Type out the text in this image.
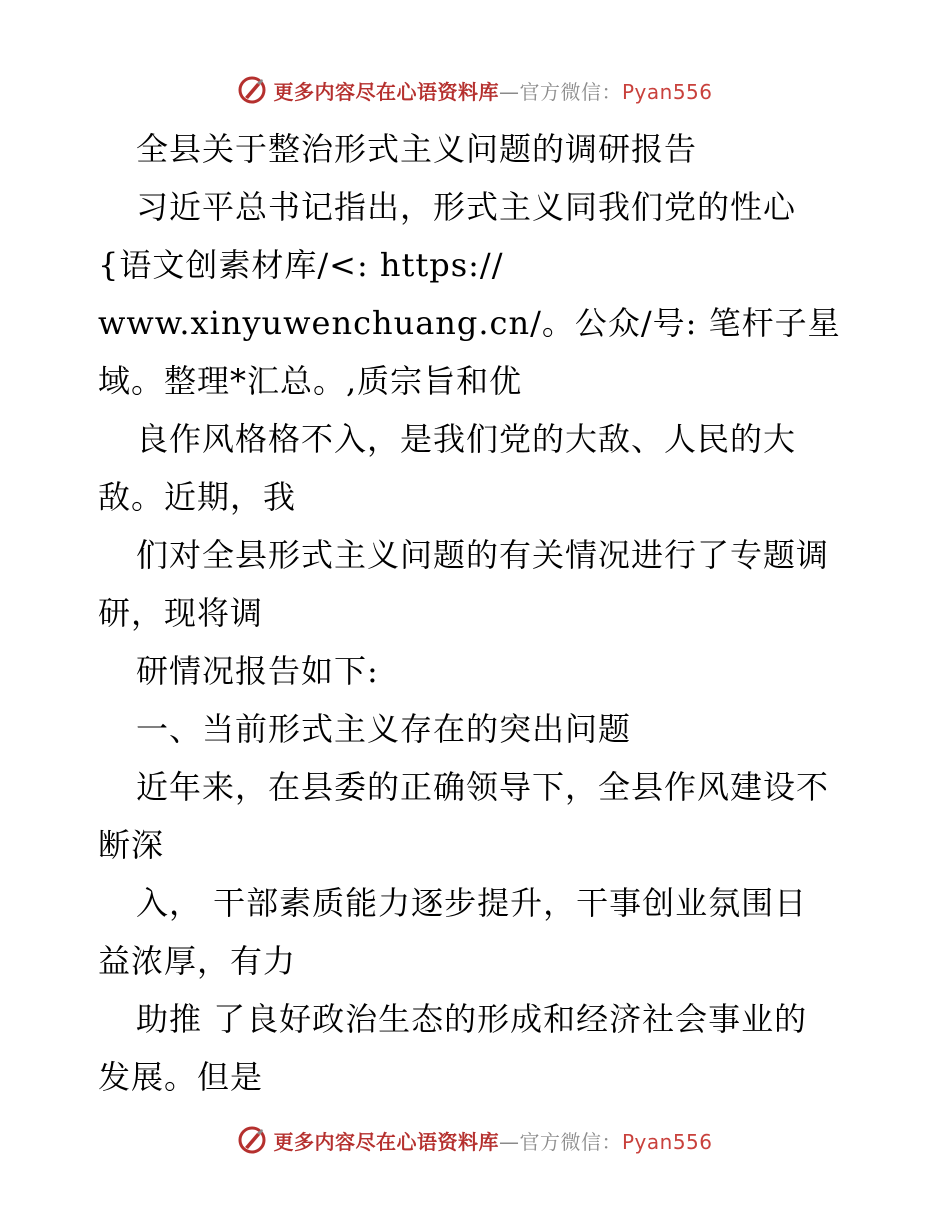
更多内容尽在心语资料库—官方微信：Pyan556
全县关于整治形式主义问题的调研报告
习近平总书记指出，形式主义同我们党的性心
{语文创素材库/<: https://
www.xinyuwenchuang.cn/。公众/号: 笔杆子星
域。整理*汇总。,质宗旨和优
良作风格格不入，是我们党的大敌、人民的大
敌。近期，我
们对全县形式主义问题的有关情况进行了专题调
研，现将调
研情况报告如下:
一、当前形式主义存在的突出问题
近年来，在县委的正确领导下，全县作风建设不
断深
入， 干部素质能力逐步提升，干事创业氛围日
益浓厚，有力
助推 了良好政治生态的形成和经济社会事业的
发展。但是
更多内容尽在心语资料库—官方微信：Pyan556
